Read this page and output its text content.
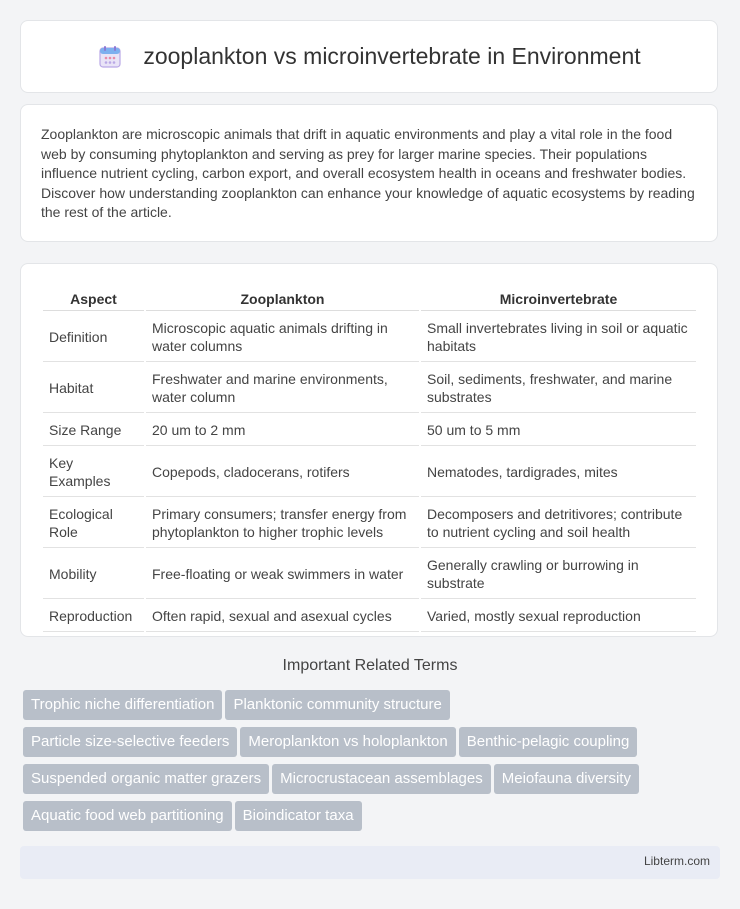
zooplankton vs microinvertebrate in Environment

Zooplankton are microscopic animals that drift in aquatic environments and play a vital role in the food web by consuming phytoplankton and serving as prey for larger marine species. Their populations influence nutrient cycling, carbon export, and overall ecosystem health in oceans and freshwater bodies. Discover how understanding zooplankton can enhance your knowledge of aquatic ecosystems by reading the rest of the article.

Aspect	Zooplankton	Microinvertebrate
Definition	Microscopic aquatic animals drifting in water columns	Small invertebrates living in soil or aquatic habitats
Habitat	Freshwater and marine environments, water column	Soil, sediments, freshwater, and marine substrates
Size Range	20 um to 2 mm	50 um to 5 mm
Key Examples	Copepods, cladocerans, rotifers	Nematodes, tardigrades, mites
Ecological Role	Primary consumers; transfer energy from phytoplankton to higher trophic levels	Decomposers and detritivores; contribute to nutrient cycling and soil health
Mobility	Free-floating or weak swimmers in water	Generally crawling or burrowing in substrate
Reproduction	Often rapid, sexual and asexual cycles	Varied, mostly sexual reproduction
Important Related Terms
Trophic niche differentiation Planktonic community structure
Particle size-selective feeders Meroplankton vs holoplankton Benthic-pelagic coupling
Suspended organic matter grazers Microcrustacean assemblages Meiofauna diversity
Aquatic food web partitioning Bioindicator taxa
Libterm.com
